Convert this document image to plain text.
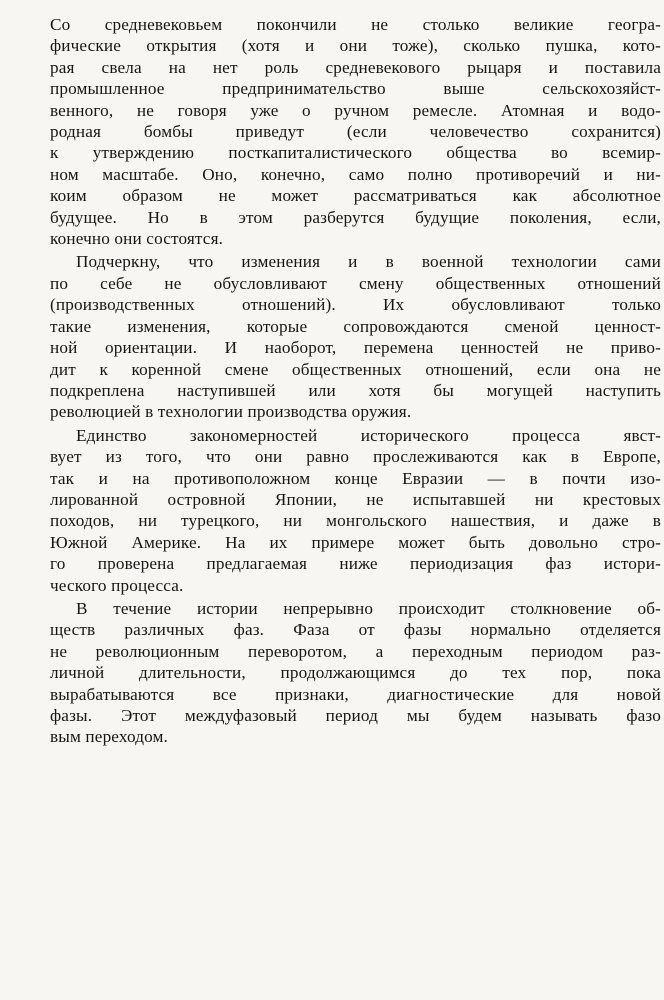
Со средневековьем покончили не столько великие геогра-
фические открытия (хотя и они тоже), сколько пушка, кото-
рая свела на нет роль средневекового рыцаря и поставила
промышленное предпринимательство выше сельскохозяйст-
венного, не говоря уже о ручном ремесле. Атомная и водо-
родная бомбы приведут (если человечество сохранится)
к утверждению посткапиталистического общества во всемир-
ном масштабе. Оно, конечно, само полно противоречий и ни-
коим образом не может рассматриваться как абсолютное
будущее. Но в этом разберутся будущие поколения, если,
конечно они состоятся.

Подчеркну, что изменения и в военной технологии сами
по себе не обусловливают смену общественных отношений
(производственных отношений). Их обусловливают только
такие изменения, которые сопровождаются сменой ценност-
ной ориентации. И наоборот, перемена ценностей не приво-
дит к коренной смене общественных отношений, если она не
подкреплена наступившей или хотя бы могущей наступить
революцией в технологии производства оружия.

Единство закономерностей исторического процесса явст-
вует из того, что они равно прослеживаются как в Европе,
так и на противоположном конце Евразии — в почти изо-
лированной островной Японии, не испытавшей ни крестовых
походов, ни турецкого, ни монгольского нашествия, и даже в
Южной Америке. На их примере может быть довольно стро-
го проверена предлагаемая ниже периодизация фаз истори-
ческого процесса.

В течение истории непрерывно происходит столкновение об-
ществ различных фаз. Фаза от фазы нормально отделяется
не революционным переворотом, а переходным периодом раз-
личной длительности, продолжающимся до тех пор, пока
вырабатываются все признаки, диагностические для новой
фазы. Этот междуфазовый период мы будем называть фазо
вым переходом.
